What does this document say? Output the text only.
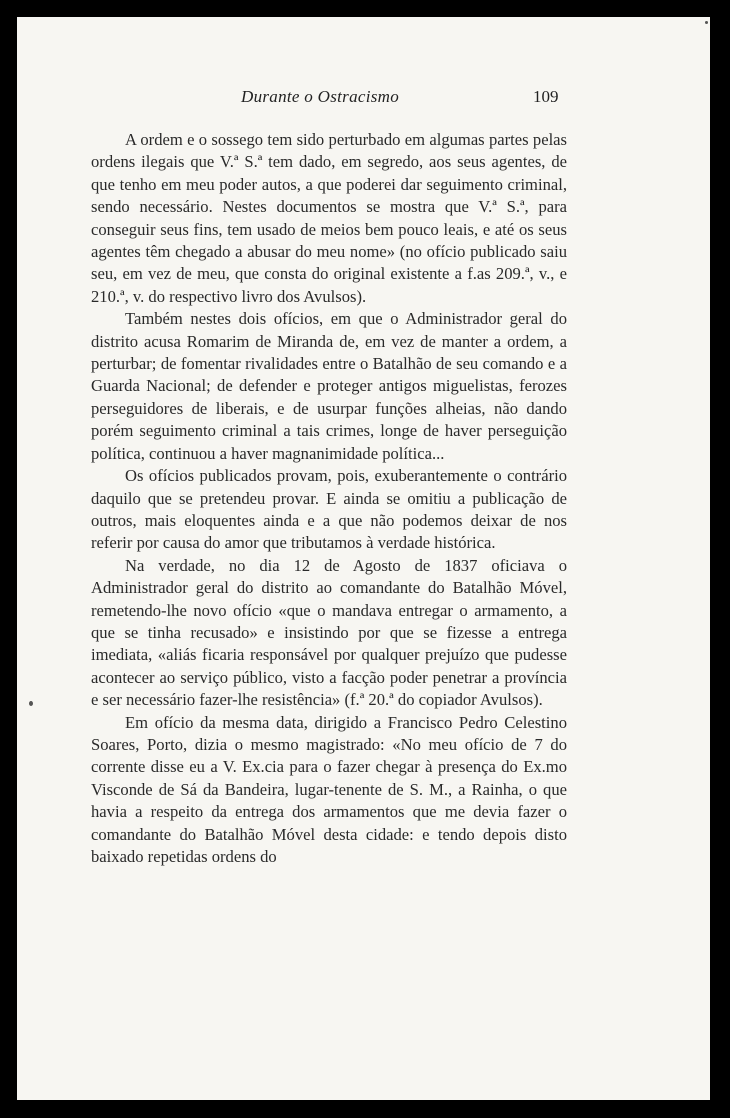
Durante o Ostracismo	109

A ordem e o sossego tem sido perturbado em algumas partes pelas ordens ilegais que V.ª S.ª tem dado, em segredo, aos seus agentes, de que tenho em meu poder autos, a que poderei dar seguimento criminal, sendo necessário. Nestes documentos se mostra que V.ª S.ª, para conseguir seus fins, tem usado de meios bem pouco leais, e até os seus agentes têm chegado a abusar do meu nome» (no ofício publicado saiu seu, em vez de meu, que consta do original existente a f.as 209.ª, v., e 210.ª, v. do respectivo livro dos Avulsos).

Também nestes dois ofícios, em que o Administrador geral do distrito acusa Romarim de Miranda de, em vez de manter a ordem, a perturbar; de fomentar rivalidades entre o Batalhão de seu comando e a Guarda Nacional; de defender e proteger antigos miguelistas, ferozes perseguidores de liberais, e de usurpar funções alheias, não dando porém seguimento criminal a tais crimes, longe de haver perseguição política, continuou a haver magnanimidade política...

Os ofícios publicados provam, pois, exuberantemente o contrário daquilo que se pretendeu provar. E ainda se omitiu a publicação de outros, mais eloquentes ainda e a que não podemos deixar de nos referir por causa do amor que tributamos à verdade histórica.

Na verdade, no dia 12 de Agosto de 1837 oficiava o Administrador geral do distrito ao comandante do Batalhão Móvel, remetendo-lhe novo ofício «que o mandava entregar o armamento, a que se tinha recusado» e insistindo por que se fizesse a entrega imediata, «aliás ficaria responsável por qualquer prejuízo que pudesse acontecer ao serviço público, visto a facção poder penetrar a província e ser necessário fazer-lhe resistência» (f.ª 20.ª do copiador Avulsos).

Em ofício da mesma data, dirigido a Francisco Pedro Celestino Soares, Porto, dizia o mesmo magistrado: «No meu ofício de 7 do corrente disse eu a V. Ex.cia para o fazer chegar à presença do Ex.mo Visconde de Sá da Bandeira, lugar-tenente de S. M., a Rainha, o que havia a respeito da entrega dos armamentos que me devia fazer o comandante do Batalhão Móvel desta cidade: e tendo depois disto baixado repetidas ordens do
